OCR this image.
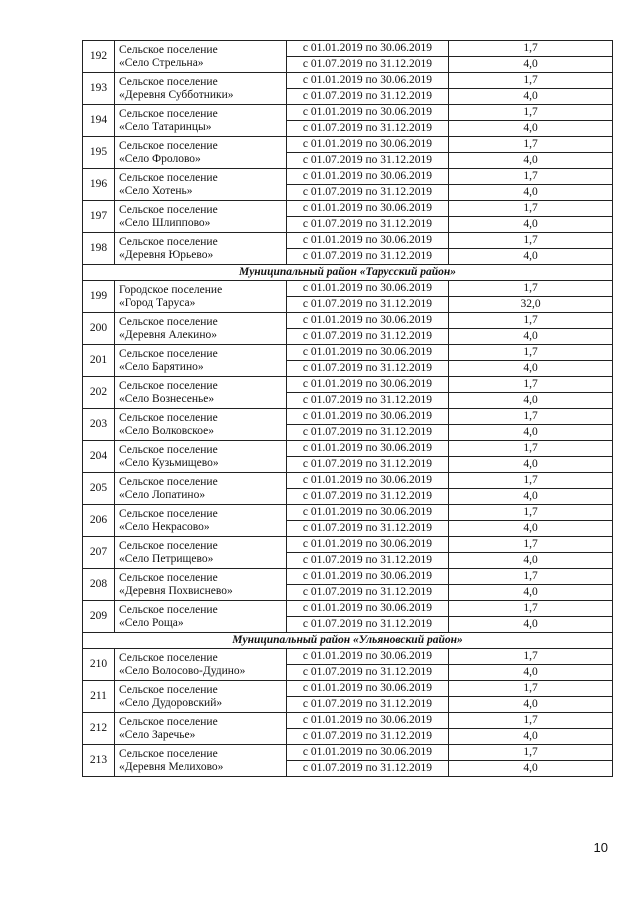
192	Сельское поселение
«Село Стрельна»	с 01.01.2019 по 30.06.2019	1,7
		с 01.07.2019 по 31.12.2019	4,0
193	Сельское поселение
«Деревня Субботники»	с 01.01.2019 по 30.06.2019	1,7
		с 01.07.2019 по 31.12.2019	4,0
194	Сельское поселение
«Село Татаринцы»	с 01.01.2019 по 30.06.2019	1,7
		с 01.07.2019 по 31.12.2019	4,0
195	Сельское поселение
«Село Фролово»	с 01.01.2019 по 30.06.2019	1,7
		с 01.07.2019 по 31.12.2019	4,0
196	Сельское поселение
«Село Хотень»	с 01.01.2019 по 30.06.2019	1,7
		с 01.07.2019 по 31.12.2019	4,0
197	Сельское поселение
«Село Шлиппово»	с 01.01.2019 по 30.06.2019	1,7
		с 01.07.2019 по 31.12.2019	4,0
198	Сельское поселение
«Деревня Юрьево»	с 01.01.2019 по 30.06.2019	1,7
		с 01.07.2019 по 31.12.2019	4,0
Муниципальный район «Тарусский район»			
199	Городское поселение
«Город Таруса»	с 01.01.2019 по 30.06.2019	1,7
		с 01.07.2019 по 31.12.2019	32,0
200	Сельское поселение
«Деревня Алекино»	с 01.01.2019 по 30.06.2019	1,7
		с 01.07.2019 по 31.12.2019	4,0
201	Сельское поселение
«Село Барятино»	с 01.01.2019 по 30.06.2019	1,7
		с 01.07.2019 по 31.12.2019	4,0
202	Сельское поселение
«Село Вознесенье»	с 01.01.2019 по 30.06.2019	1,7
		с 01.07.2019 по 31.12.2019	4,0
203	Сельское поселение
«Село Волковское»	с 01.01.2019 по 30.06.2019	1,7
		с 01.07.2019 по 31.12.2019	4,0
204	Сельское поселение
«Село Кузьмищево»	с 01.01.2019 по 30.06.2019	1,7
		с 01.07.2019 по 31.12.2019	4,0
205	Сельское поселение
«Село Лопатино»	с 01.01.2019 по 30.06.2019	1,7
		с 01.07.2019 по 31.12.2019	4,0
206	Сельское поселение
«Село Некрасово»	с 01.01.2019 по 30.06.2019	1,7
		с 01.07.2019 по 31.12.2019	4,0
207	Сельское поселение
«Село Петрищево»	с 01.01.2019 по 30.06.2019	1,7
		с 01.07.2019 по 31.12.2019	4,0
208	Сельское поселение
«Деревня Похвиснево»	с 01.01.2019 по 30.06.2019	1,7
		с 01.07.2019 по 31.12.2019	4,0
209	Сельское поселение
«Село Роща»	с 01.01.2019 по 30.06.2019	1,7
		с 01.07.2019 по 31.12.2019	4,0
Муниципальный район «Ульяновский район»			
210	Сельское поселение
«Село Волосово-Дудино»	с 01.01.2019 по 30.06.2019	1,7
		с 01.07.2019 по 31.12.2019	4,0
211	Сельское поселение
«Село Дудоровский»	с 01.01.2019 по 30.06.2019	1,7
		с 01.07.2019 по 31.12.2019	4,0
212	Сельское поселение
«Село Заречье»	с 01.01.2019 по 30.06.2019	1,7
		с 01.07.2019 по 31.12.2019	4,0
213	Сельское поселение
«Деревня Мелихово»	с 01.01.2019 по 30.06.2019	1,7
		с 01.07.2019 по 31.12.2019	4,0
10
